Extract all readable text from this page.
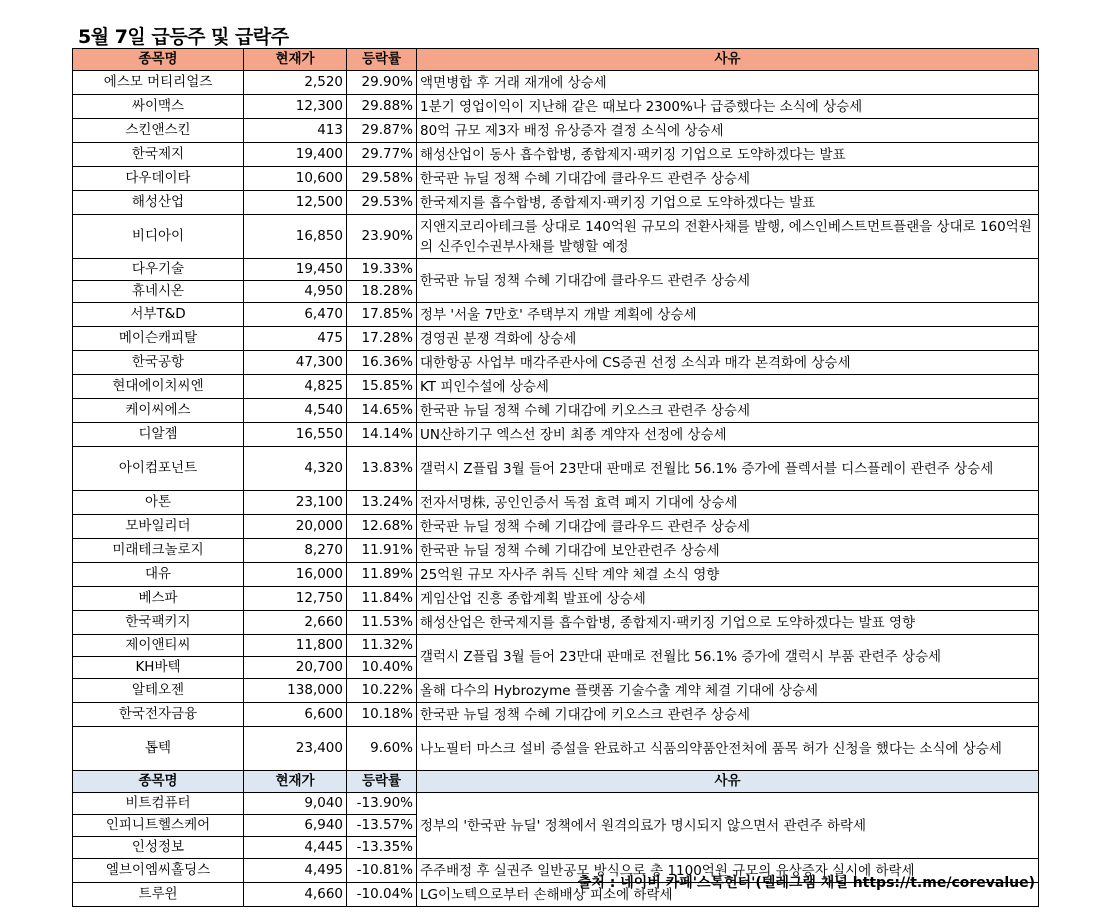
5월 7일 급등주 및 급락주
종목명	현재가	등락률	사유
에스모 머티리얼즈	2,520	29.90%	액면병합 후 거래 재개에 상승세
싸이맥스	12,300	29.88%	1분기 영업이익이 지난해 같은 때보다 2300%나 급증했다는 소식에 상승세
스킨앤스킨	413	29.87%	80억 규모 제3자 배정 유상증자 결정 소식에 상승세
한국제지	19,400	29.77%	해성산업이 동사 흡수합병, 종합제지·팩키징 기업으로 도약하겠다는 발표
다우데이타	10,600	29.58%	한국판 뉴딜 정책 수혜 기대감에 클라우드 관련주 상승세
해성산업	12,500	29.53%	한국제지를 흡수합병, 종합제지·팩키징 기업으로 도약하겠다는 발표
비디아이	16,850	23.90%	지앤지코리아테크를 상대로 140억원 규모의 전환사채를 발행, 에스인베스트먼트플랜을 상대로 160억원의 신주인수권부사채를 발행할 예정
다우기술	19,450	19.33%	한국판 뉴딜 정책 수혜 기대감에 클라우드 관련주 상승세
휴네시온	4,950	18.28%	
서부T&D	6,470	17.85%	정부 '서울 7만호' 주택부지 개발 계획에 상승세
메이슨캐피탈	475	17.28%	경영권 분쟁 격화에 상승세
한국공항	47,300	16.36%	대한항공 사업부 매각주관사에 CS증권 선정 소식과 매각 본격화에 상승세
현대에이치씨엔	4,825	15.85%	KT 피인수설에 상승세
케이씨에스	4,540	14.65%	한국판 뉴딜 정책 수혜 기대감에 키오스크 관련주 상승세
디알젬	16,550	14.14%	UN산하기구 엑스선 장비 최종 계약자 선정에 상승세
아이컴포넌트	4,320	13.83%	갤럭시 Z플립 3월 들어 23만대 판매로 전월比 56.1% 증가에 플렉서블 디스플레이 관련주 상승세
아톤	23,100	13.24%	전자서명株, 공인인증서 독점 효력 폐지 기대에 상승세
모바일리더	20,000	12.68%	한국판 뉴딜 정책 수혜 기대감에 클라우드 관련주 상승세
미래테크놀로지	8,270	11.91%	한국판 뉴딜 정책 수혜 기대감에 보안관련주 상승세
대유	16,000	11.89%	25억원 규모 자사주 취득 신탁 계약 체결 소식 영향
베스파	12,750	11.84%	게임산업 진흥 종합계획 발표에 상승세
한국팩키지	2,660	11.53%	해성산업은 한국제지를 흡수합병, 종합제지·팩키징 기업으로 도약하겠다는 발표 영향
제이앤티씨	11,800	11.32%	갤럭시 Z플립 3월 들어 23만대 판매로 전월比 56.1% 증가에 갤럭시 부품 관련주 상승세
KH바텍	20,700	10.40%	
알테오젠	138,000	10.22%	올해 다수의 Hybrozyme 플랫폼 기술수출 계약 체결 기대에 상승세
한국전자금융	6,600	10.18%	한국판 뉴딜 정책 수혜 기대감에 키오스크 관련주 상승세
톱텍	23,400	9.60%	나노필터 마스크 설비 증설을 완료하고 식품의약품안전처에 품목 허가 신청을 했다는 소식에 상승세
종목명	현재가	등락률	사유
비트컴퓨터	9,040	-13.90%	정부의 '한국판 뉴딜' 정책에서 원격의료가 명시되지 않으면서 관련주 하락세
인피니트헬스케어	6,940	-13.57%	
인성정보	4,445	-13.35%	
엘브이엠씨홀딩스	4,495	-10.81%	주주배정 후 실권주 일반공모 방식으로 총 1100억원 규모의 유상증자 실시에 하락세
트루윈	4,660	-10.04%	LG이노텍으로부터 손해배상 피소에 하락세
출처 : 네이버 카페'스톡헌터'(텔레그램 채널 https://t.me/corevalue)
